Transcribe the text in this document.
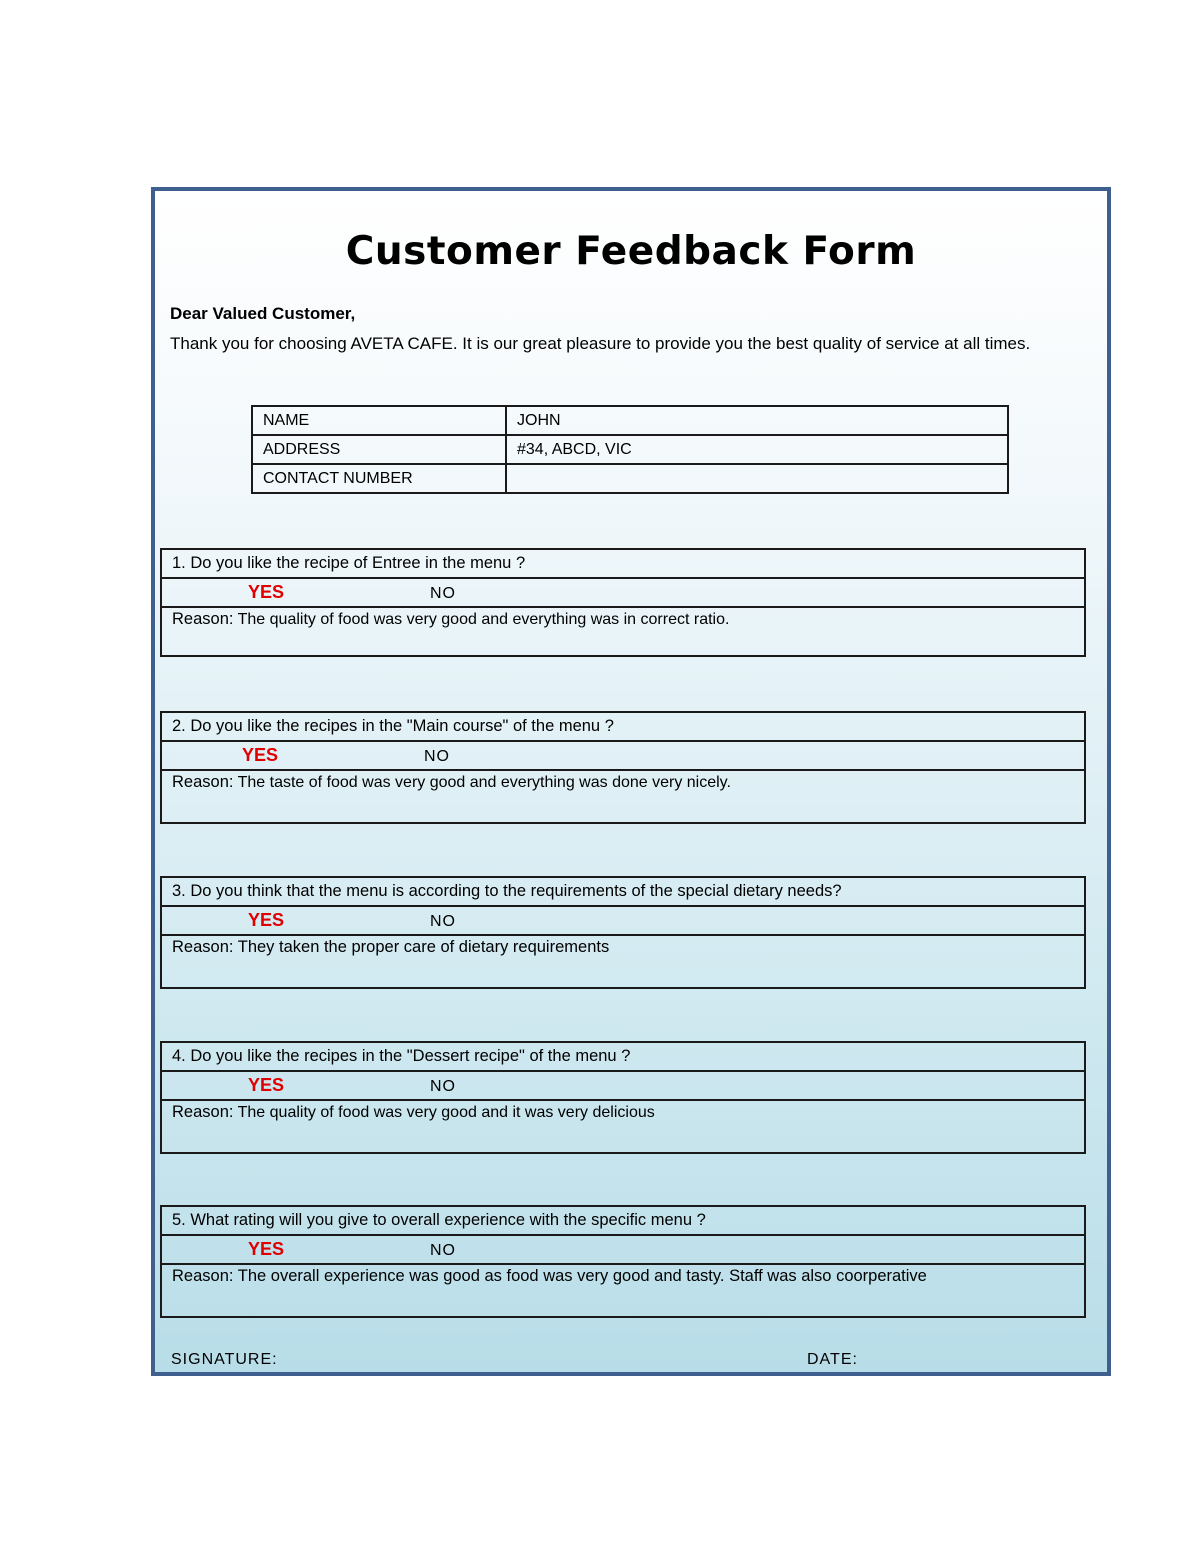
Customer Feedback Form
Dear Valued Customer,
Thank you for choosing AVETA CAFE. It is our great pleasure to provide you the best quality of service at all times.
NAME	JOHN
ADDRESS	#34, ABCD, VIC
CONTACT NUMBER	
1. Do you like the recipe of Entree in the menu ?
YES	NO
Reason: The quality of food was very good and everything was in correct ratio.
2. Do you like the recipes in the "Main course" of the menu ?
YES	NO
Reason: The taste of food was very good and everything was done very nicely.
3. Do you think that the menu is according to the requirements of the special dietary needs?
YES	NO
Reason: They taken the proper care of dietary requirements
4. Do you like the recipes in the "Dessert recipe" of the menu ?
YES	NO
Reason: The quality of food was very good and it was very delicious
5. What rating will you give to overall experience with the specific menu ?
YES	NO
Reason: The overall experience was good as food was very good and tasty. Staff was also coorperative
SIGNATURE:	DATE:
